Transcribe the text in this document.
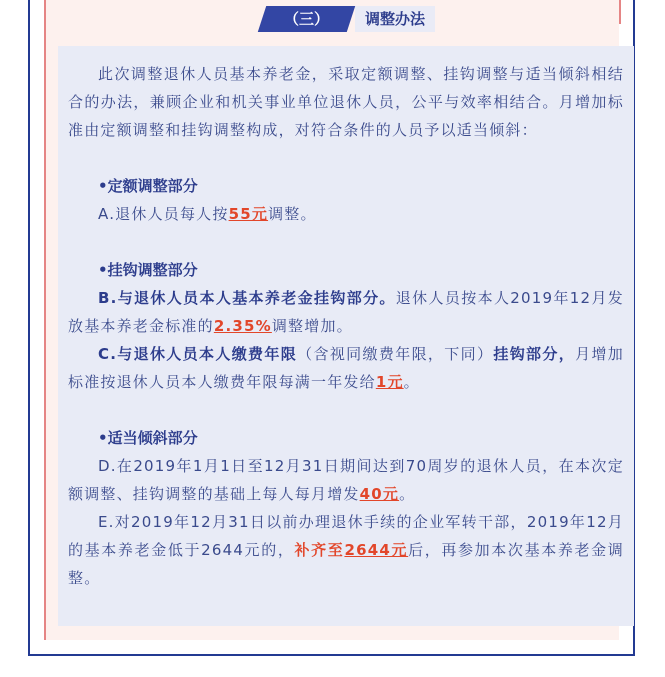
（三）	调整办法

此次调整退休人员基本养老金，采取定额调整、挂钩调整与适当倾斜相结合的办法，兼顾企业和机关事业单位退休人员，公平与效率相结合。月增加标准由定额调整和挂钩调整构成，对符合条件的人员予以适当倾斜：

•定额调整部分

A.退休人员每人按55元调整。

•挂钩调整部分

B.与退休人员本人基本养老金挂钩部分。退休人员按本人2019年12月发放基本养老金标准的2.35%调整增加。

C.与退休人员本人缴费年限（含视同缴费年限，下同）挂钩部分，月增加标准按退休人员本人缴费年限每满一年发给1元。

•适当倾斜部分

D.在2019年1月1日至12月31日期间达到70周岁的退休人员，在本次定额调整、挂钩调整的基础上每人每月增发40元。

E.对2019年12月31日以前办理退休手续的企业军转干部，2019年12月的基本养老金低于2644元的，补齐至2644元后，再参加本次基本养老金调整。
